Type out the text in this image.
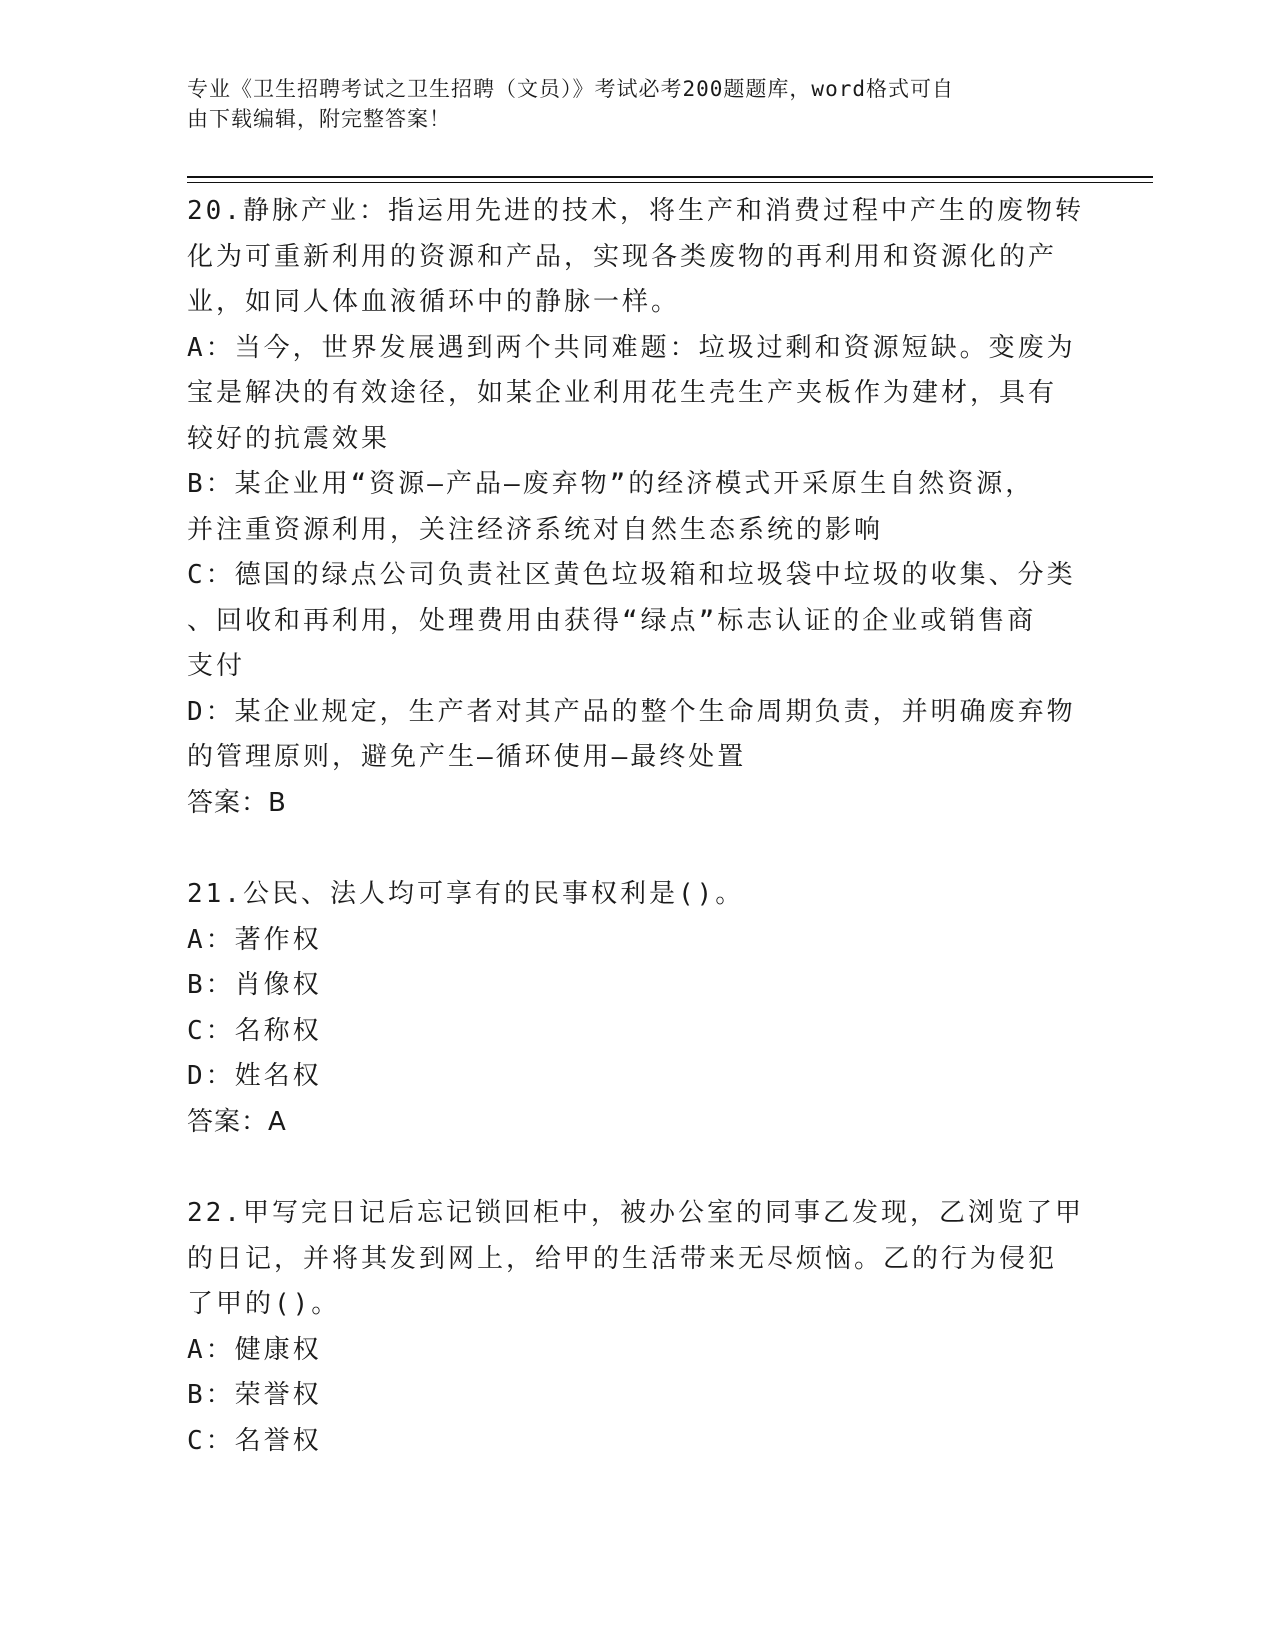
专业《卫生招聘考试之卫生招聘（文员）》考试必考200题题库，word格式可自
由下载编辑，附完整答案！
20.静脉产业：指运用先进的技术，将生产和消费过程中产生的废物转
化为可重新利用的资源和产品，实现各类废物的再利用和资源化的产
业，如同人体血液循环中的静脉一样。
A：当今，世界发展遇到两个共同难题：垃圾过剩和资源短缺。变废为
宝是解决的有效途径，如某企业利用花生壳生产夹板作为建材，具有
较好的抗震效果
B：某企业用“资源—产品—废弃物”的经济模式开采原生自然资源，
并注重资源利用，关注经济系统对自然生态系统的影响
C：德国的绿点公司负责社区黄色垃圾箱和垃圾袋中垃圾的收集、分类
、回收和再利用，处理费用由获得“绿点”标志认证的企业或销售商
支付
D：某企业规定，生产者对其产品的整个生命周期负责，并明确废弃物
的管理原则，避免产生—循环使用—最终处置
答案：B
21.公民、法人均可享有的民事权利是()。
A：著作权
B：肖像权
C：名称权
D：姓名权
答案：A
22.甲写完日记后忘记锁回柜中，被办公室的同事乙发现，乙浏览了甲
的日记，并将其发到网上，给甲的生活带来无尽烦恼。乙的行为侵犯
了甲的()。
A：健康权
B：荣誉权
C：名誉权
